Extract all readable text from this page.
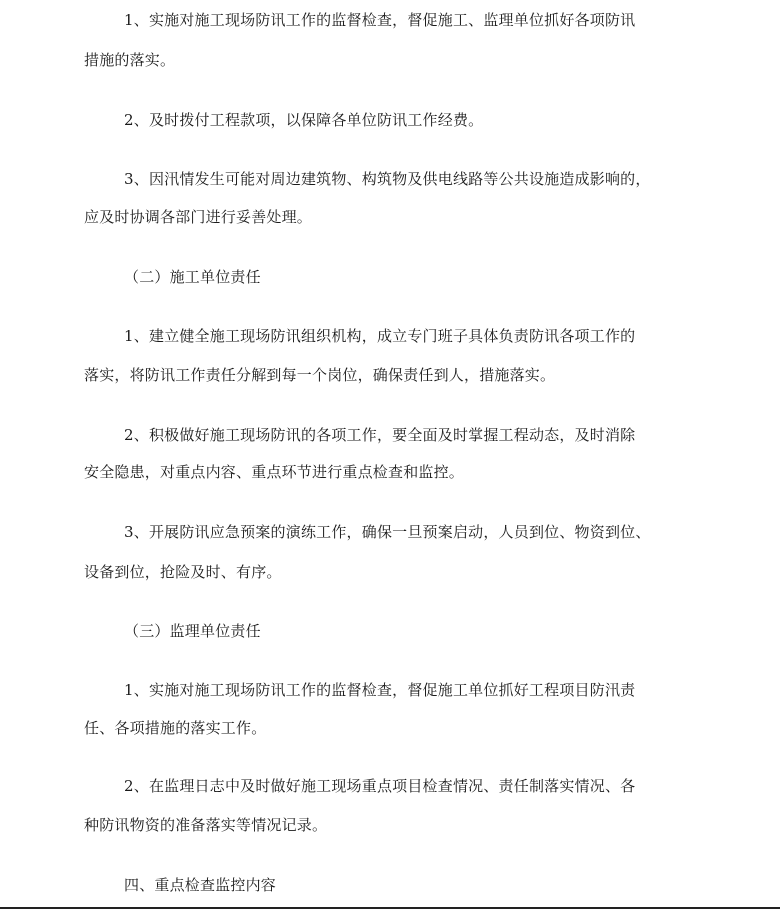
1、实施对施工现场防讯工作的监督检查，督促施工、监理单位抓好各项防讯
措施的落实。
2、及时拨付工程款项，以保障各单位防讯工作经费。
3、因汛情发生可能对周边建筑物、构筑物及供电线路等公共设施造成影响的，
应及时协调各部门进行妥善处理。
（二）施工单位责任
1、建立健全施工现场防讯组织机构，成立专门班子具体负责防讯各项工作的
落实，将防讯工作责任分解到每一个岗位，确保责任到人，措施落实。
2、积极做好施工现场防讯的各项工作，要全面及时掌握工程动态，及时消除
安全隐患，对重点内容、重点环节进行重点检查和监控。
3、开展防讯应急预案的演练工作，确保一旦预案启动，人员到位、物资到位、
设备到位，抢险及时、有序。
（三）监理单位责任
1、实施对施工现场防讯工作的监督检查，督促施工单位抓好工程项目防汛责
任、各项措施的落实工作。
2、在监理日志中及时做好施工现场重点项目检查情况、责任制落实情况、各
种防讯物资的准备落实等情况记录。
四、重点检查监控内容
